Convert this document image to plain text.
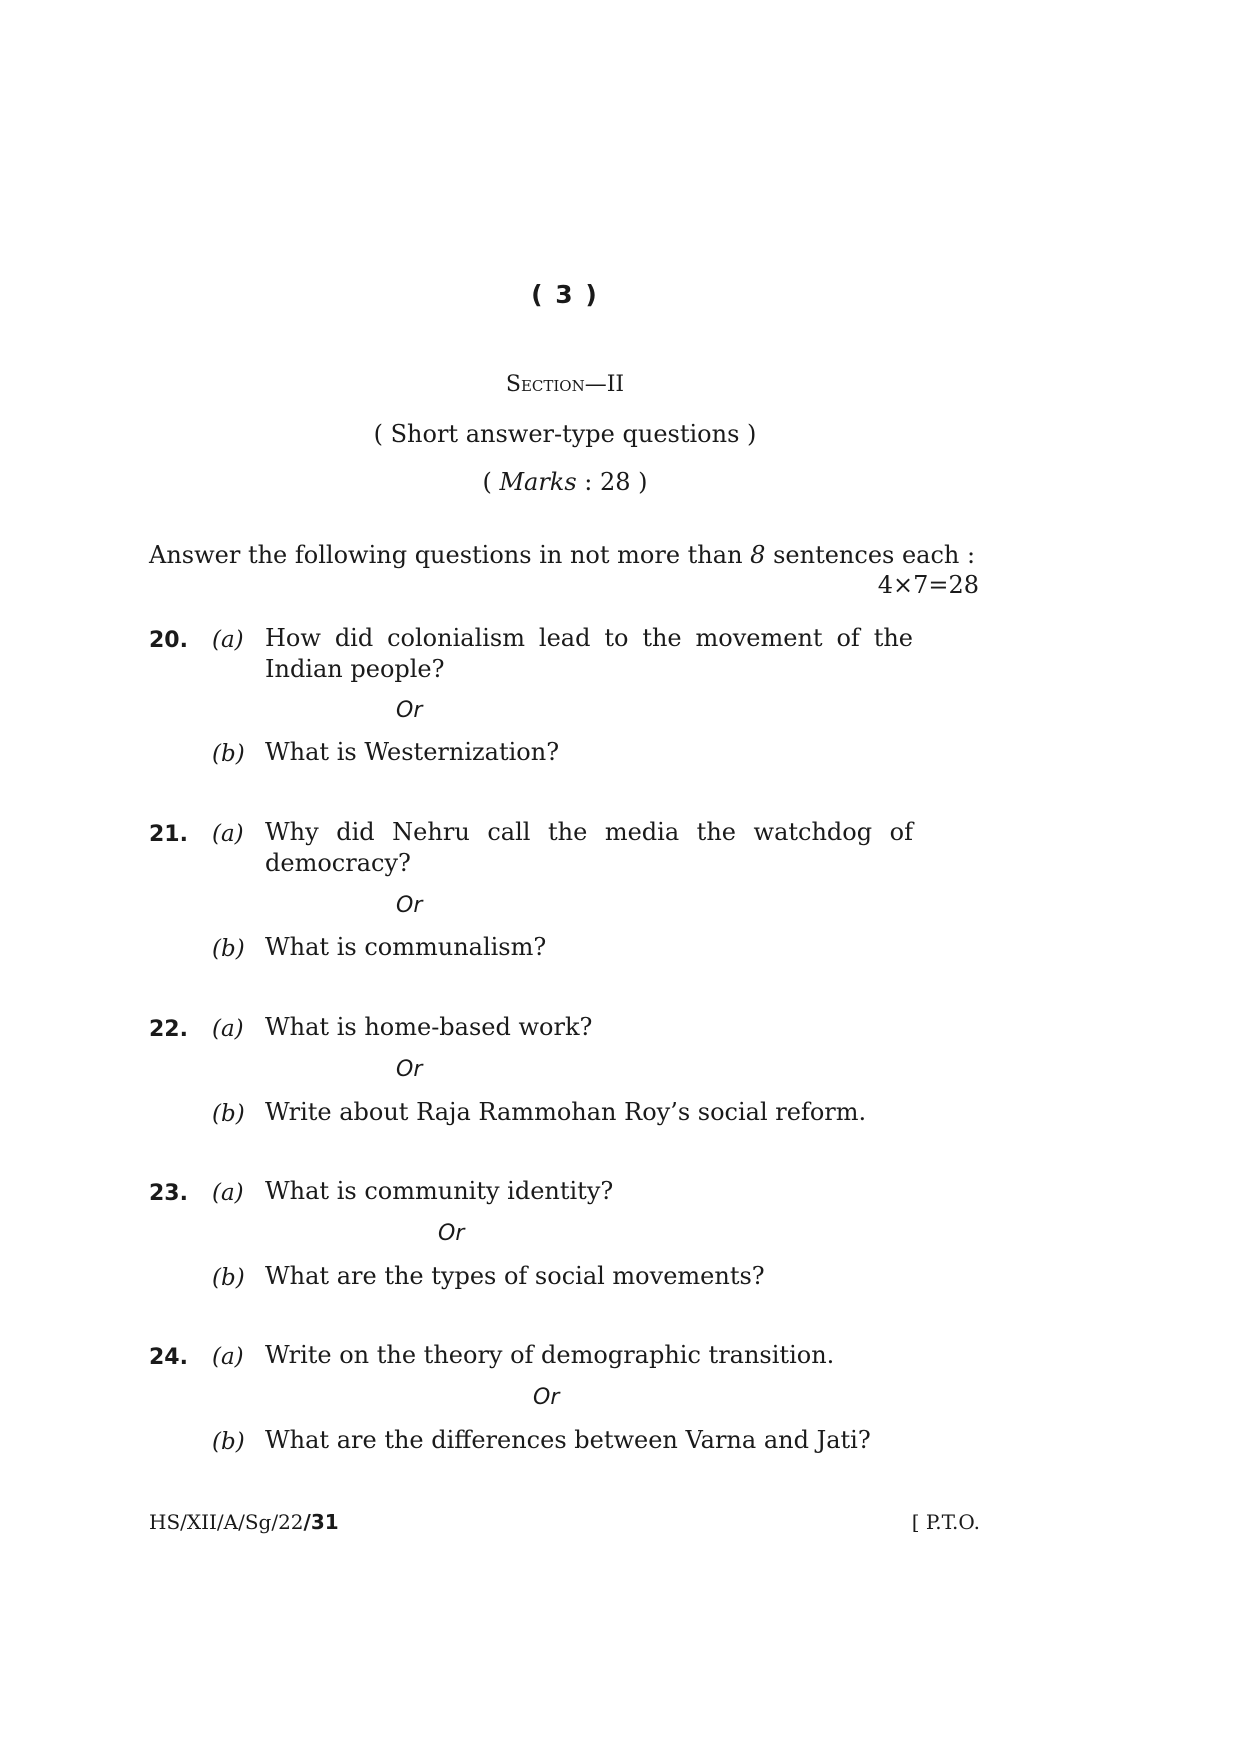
( 3 )
Section—II
( Short answer-type questions )
( Marks : 28 )
Answer the following questions in not more than 8 sentences each :
4×7=28
20. (a) How did colonialism lead to the movement of the Indian people?
Or
(b) What is Westernization?
21. (a) Why did Nehru call the media the watchdog of democracy?
Or
(b) What is communalism?
22. (a) What is home-based work?
Or
(b) Write about Raja Rammohan Roy’s social reform.
23. (a) What is community identity?
Or
(b) What are the types of social movements?
24. (a) Write on the theory of demographic transition.
Or
(b) What are the differences between Varna and Jati?
HS/XII/A/Sg/22/31	[ P.T.O.
